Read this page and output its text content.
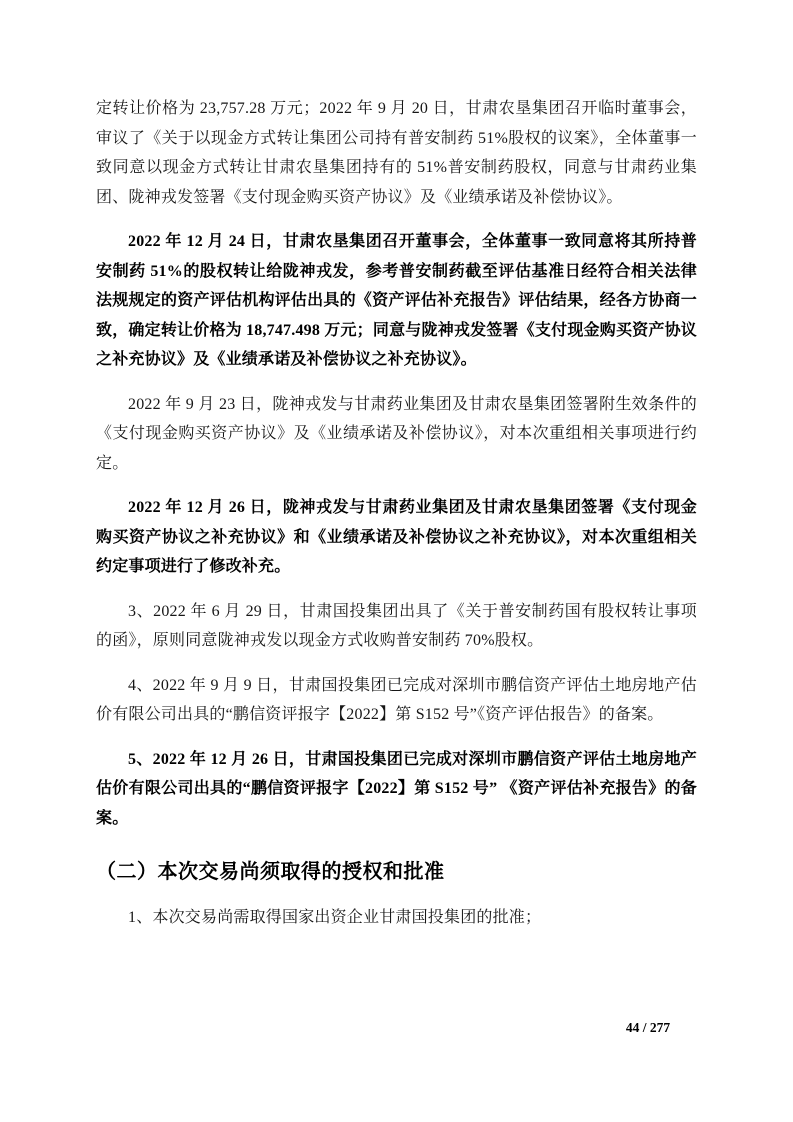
定转让价格为 23,757.28 万元；2022 年 9 月 20 日，甘肃农垦集团召开临时董事会，审议了《关于以现金方式转让集团公司持有普安制药 51%股权的议案》，全体董事一致同意以现金方式转让甘肃农垦集团持有的 51%普安制药股权，同意与甘肃药业集团、陇神戎发签署《支付现金购买资产协议》及《业绩承诺及补偿协议》。

2022 年 12 月 24 日，甘肃农垦集团召开董事会，全体董事一致同意将其所持普安制药 51%的股权转让给陇神戎发，参考普安制药截至评估基准日经符合相关法律法规规定的资产评估机构评估出具的《资产评估补充报告》评估结果，经各方协商一致，确定转让价格为 18,747.498 万元；同意与陇神戎发签署《支付现金购买资产协议之补充协议》及《业绩承诺及补偿协议之补充协议》。

2022 年 9 月 23 日，陇神戎发与甘肃药业集团及甘肃农垦集团签署附生效条件的《支付现金购买资产协议》及《业绩承诺及补偿协议》，对本次重组相关事项进行约定。

2022 年 12 月 26 日，陇神戎发与甘肃药业集团及甘肃农垦集团签署《支付现金购买资产协议之补充协议》和《业绩承诺及补偿协议之补充协议》，对本次重组相关约定事项进行了修改补充。

3、2022 年 6 月 29 日，甘肃国投集团出具了《关于普安制药国有股权转让事项的函》，原则同意陇神戎发以现金方式收购普安制药 70%股权。

4、2022 年 9 月 9 日，甘肃国投集团已完成对深圳市鹏信资产评估土地房地产估价有限公司出具的“鹏信资评报字【2022】第 S152 号”《资产评估报告》的备案。

5、2022 年 12 月 26 日，甘肃国投集团已完成对深圳市鹏信资产评估土地房地产估价有限公司出具的“鹏信资评报字【2022】第 S152 号” 《资产评估补充报告》的备案。

（二）本次交易尚须取得的授权和批准

1、本次交易尚需取得国家出资企业甘肃国投集团的批准；

44 / 277
